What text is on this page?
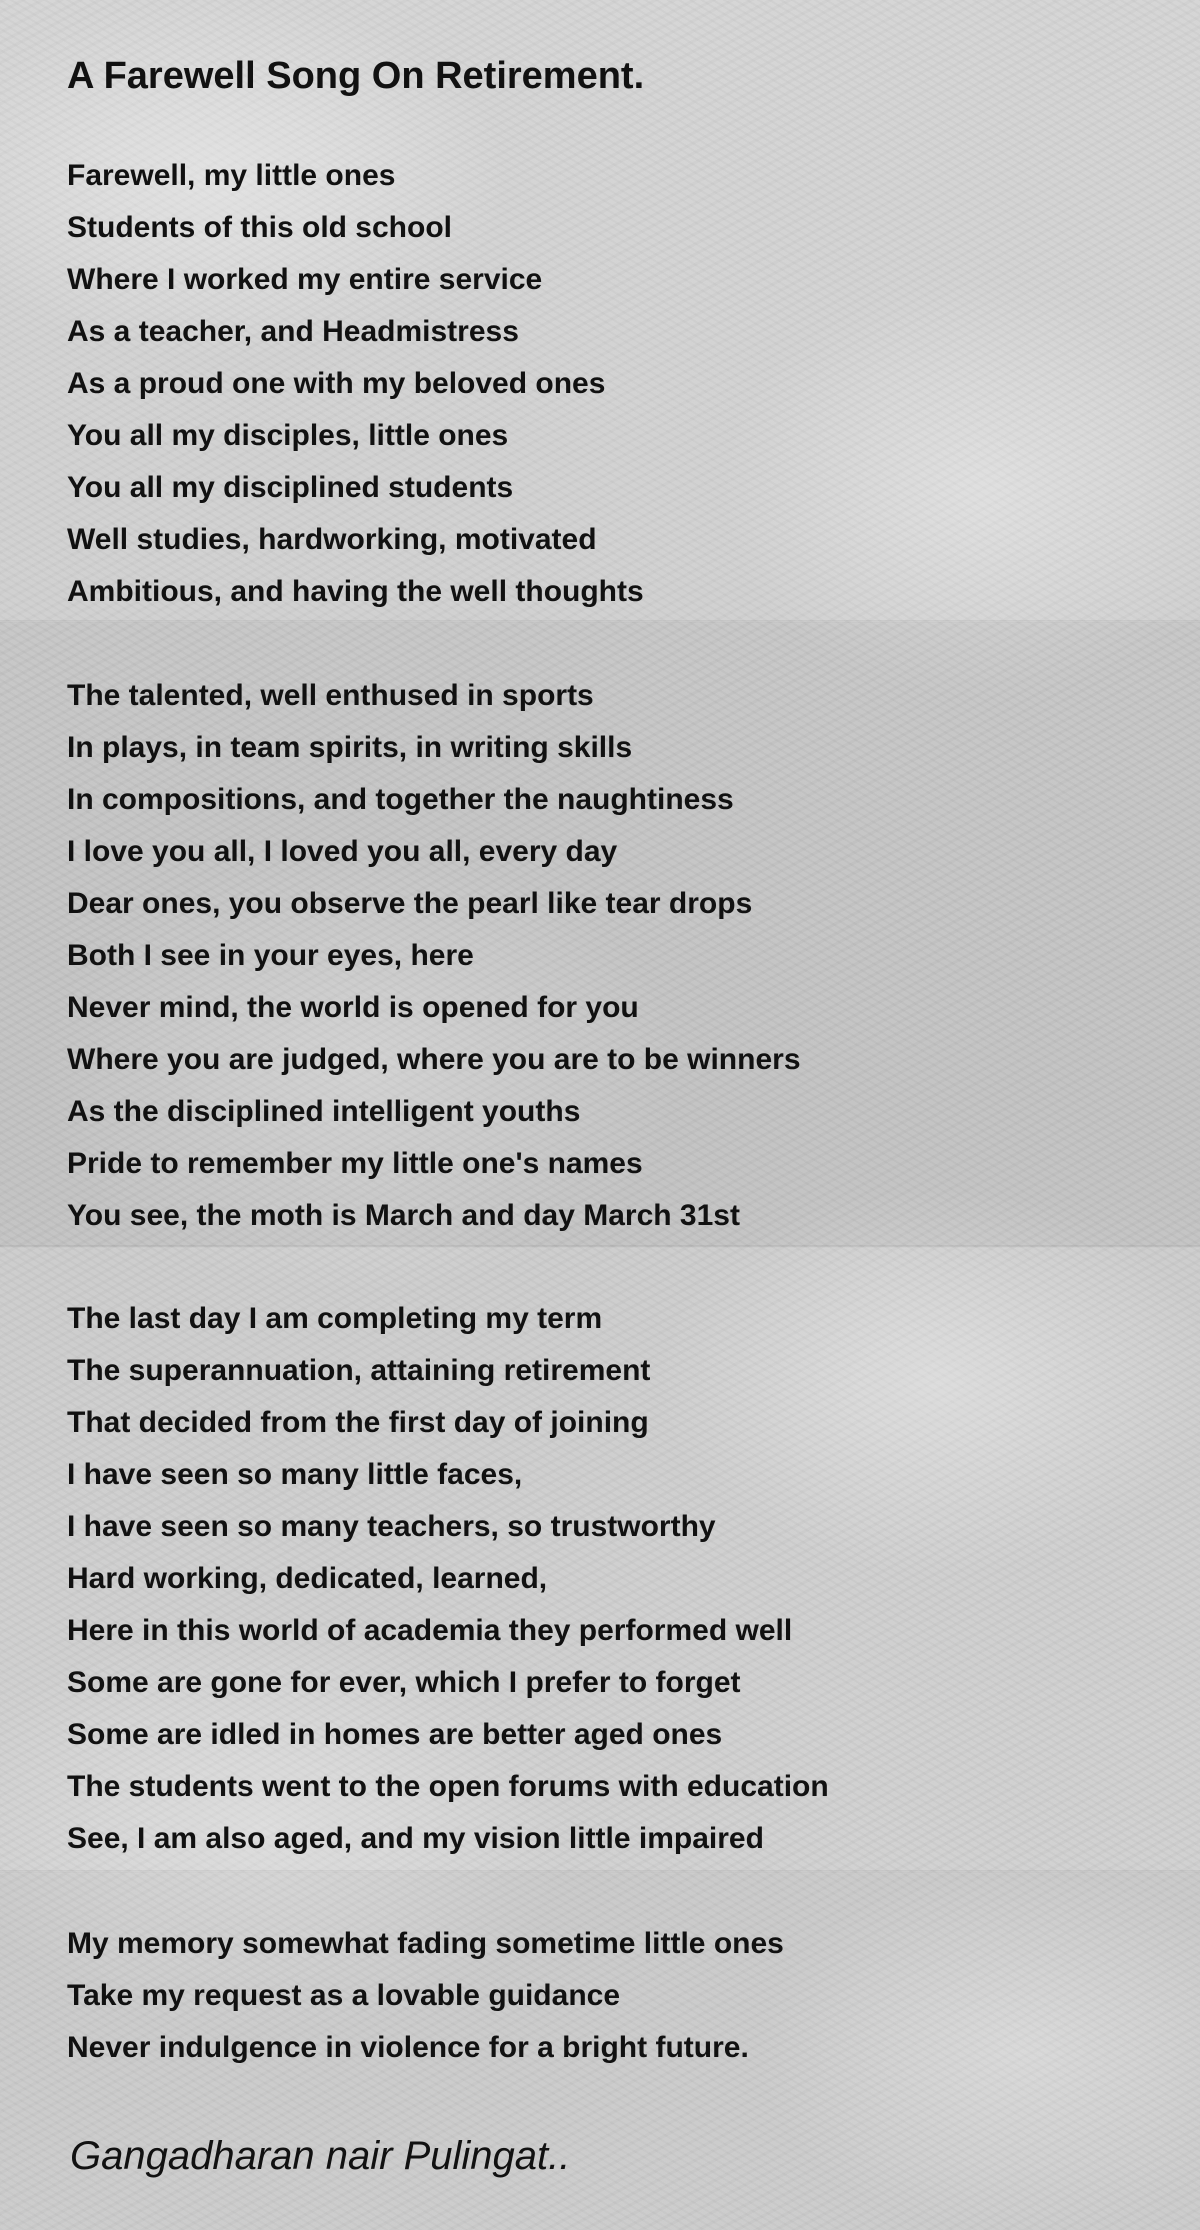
A Farewell Song On Retirement.
Farewell, my little ones
Students of this old school
Where I worked my entire service
As a teacher, and Headmistress
As a proud one with my beloved ones
You all my disciples, little ones
You all my disciplined students
Well studies, hardworking, motivated
Ambitious, and having the well thoughts
The talented, well enthused in sports
In plays, in team spirits, in writing skills
In compositions, and together the naughtiness
I love you all, I loved you all, every day
Dear ones, you observe the pearl like tear drops
Both I see in your eyes, here
Never mind, the world is opened for you
Where you are judged, where you are to be winners
As the disciplined intelligent youths
Pride to remember my little one's names
You see, the moth is March and day March 31st
The last day I am completing my term
The superannuation, attaining retirement
That decided from the first day of joining
I have seen so many little faces,
I have seen so many teachers, so trustworthy
Hard working, dedicated, learned,
Here in this world of academia they performed well
Some are gone for ever, which I prefer to forget
Some are idled in homes are better aged ones
The students went to the open forums with education
See, I am also aged, and my vision little impaired
My memory somewhat fading sometime little ones
Take my request as a lovable guidance
Never indulgence in violence for a bright future.
Gangadharan nair Pulingat..
